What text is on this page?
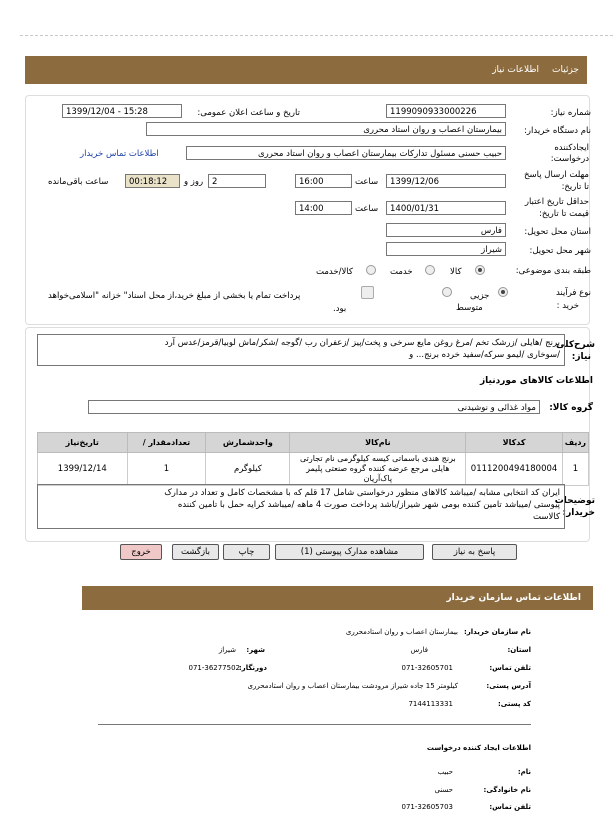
جزئیات
اطلاعات نیاز
شماره نیاز:
1199090933000226
تاریخ و ساعت اعلان عمومی:
1399/12/04 - 15:28
نام دستگاه خریدار:
بیمارستان اعصاب و روان استاد محرری
ایجادکننده
درخواست:
حبیب حسنی مسئول تدارکات بیمارستان اعصاب و روان استاد محرری
اطلاعات تماس خریدار
مهلت ارسال پاسخ
تا تاریخ:
1399/12/06
ساعت
16:00
2
روز و
00:18:12
ساعت باقی‌مانده
حداقل تاریخ اعتبار
قیمت تا تاریخ:
1400/01/31
ساعت
14:00
استان محل تحویل:
فارس
شهر محل تحویل:
شیراز
طبقه بندی موضوعی:
کالا
خدمت
کالا/خدمت
نوع فرآیند
خرید :
جزیی
متوسط
پرداخت تمام یا بخشی از مبلغ خرید،از محل اسناد" خزانه "اسلامی‌خواهد
بود.
شرح‌کلی
نیاز:
برنج /هایلی /زرشک تخم /مرغ روغن مایع سرخی و پخت/پیز /زعفران رب /گوجه /شکر/ماش لوبیا/قرمز/عدس آرد
/سوخاری /لیمو سرکه/سفید خرده برنج... و
اطلاعات کالاهای موردنیاز
گروه کالا:
مواد غذائی و نوشیدنی
ردیف	کدکالا	نام‌کالا	واحدشمارش	تعدادمقدار /	تاریخ‌نیاز
1	0111200494180004	برنج هندی باسماتی کیسه کیلوگرمی نام تجارتی
هایلی مرجع عرضه کننده گروه صنعتی پلیمر پاک‌آریان	کیلوگرم	1	1399/12/14
توضیحات
خریدار:
ایران کد انتخابی مشابه /میباشد کالاهای منظور درخواستی شامل 17 قلم که با مشخصات کامل و تعداد در مدارک
پیوستی /میباشد تامین کننده بومی شهر شیراز/باشد پرداخت صورت 4 ماهه /میباشد کرایه حمل با تامین کننده
کالاست
پاسخ به نیاز
مشاهده مدارک پیوستی (1)
چاپ
بازگشت
خروج
اطلاعات تماس سازمان خریدار
نام سازمان خریدار:
بیمارستان اعصاب و روان استادمحرری
استان:
فارس
شهر:
شیراز
تلفن تماس:
071-32605701
دورنگار:
071-36277502
آدرس پستی:
کیلومتر 15 جاده شیراز مرودشت بیمارستان اعصاب و روان استادمحرری
کد پستی:
7144113331
اطلاعات ایجاد کننده درخواست
نام:
حبیب
نام خانوادگی:
حسنی
تلفن تماس:
071-32605703
